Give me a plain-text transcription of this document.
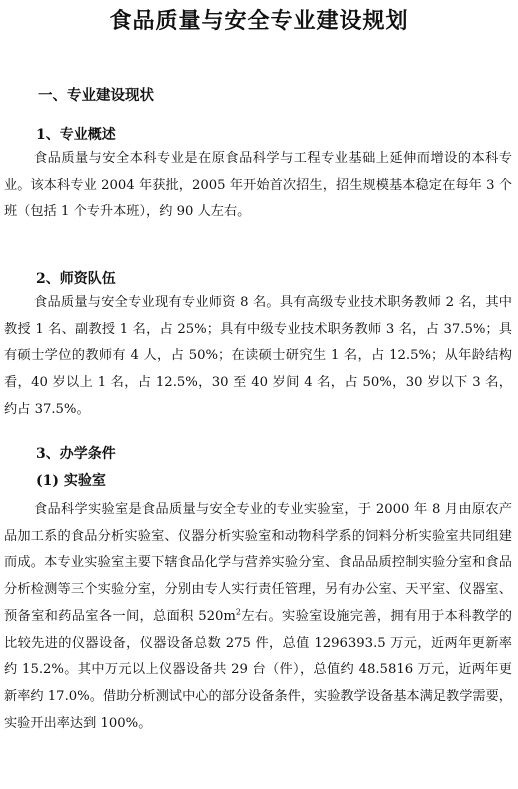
食品质量与安全专业建设规划
一、专业建设现状
1、专业概述
食品质量与安全本科专业是在原食品科学与工程专业基础上延伸而增设的本科专业。该本科专业 2004 年获批，2005 年开始首次招生，招生规模基本稳定在每年 3 个班（包括 1 个专升本班），约 90 人左右。
2、师资队伍
食品质量与安全专业现有专业师资 8 名。具有高级专业技术职务教师 2 名，其中教授 1 名、副教授 1 名，占 25%；具有中级专业技术职务教师 3 名，占 37.5%；具有硕士学位的教师有 4 人，占 50%；在读硕士研究生 1 名，占 12.5%；从年龄结构看，40 岁以上 1 名，占 12.5%，30 至 40 岁间 4 名，占 50%，30 岁以下 3 名，约占 37.5%。
3、办学条件
(1) 实验室
食品科学实验室是食品质量与安全专业的专业实验室，于 2000 年 8 月由原农产品加工系的食品分析实验室、仪器分析实验室和动物科学系的饲料分析实验室共同组建而成。本专业实验室主要下辖食品化学与营养实验分室、食品品质控制实验分室和食品分析检测等三个实验分室，分别由专人实行责任管理，另有办公室、天平室、仪器室、预备室和药品室各一间，总面积 $520m^2$左右。实验室设施完善，拥有用于本科教学的比较先进的仪器设备，仪器设备总数 275 件，总值 1296393.5 万元，近两年更新率约 15.2%。其中万元以上仪器设备共 29 台（件），总值约 48.5816 万元，近两年更新率约 17.0%。借助分析测试中心的部分设备条件，实验教学设备基本满足教学需要，实验开出率达到 100%。
